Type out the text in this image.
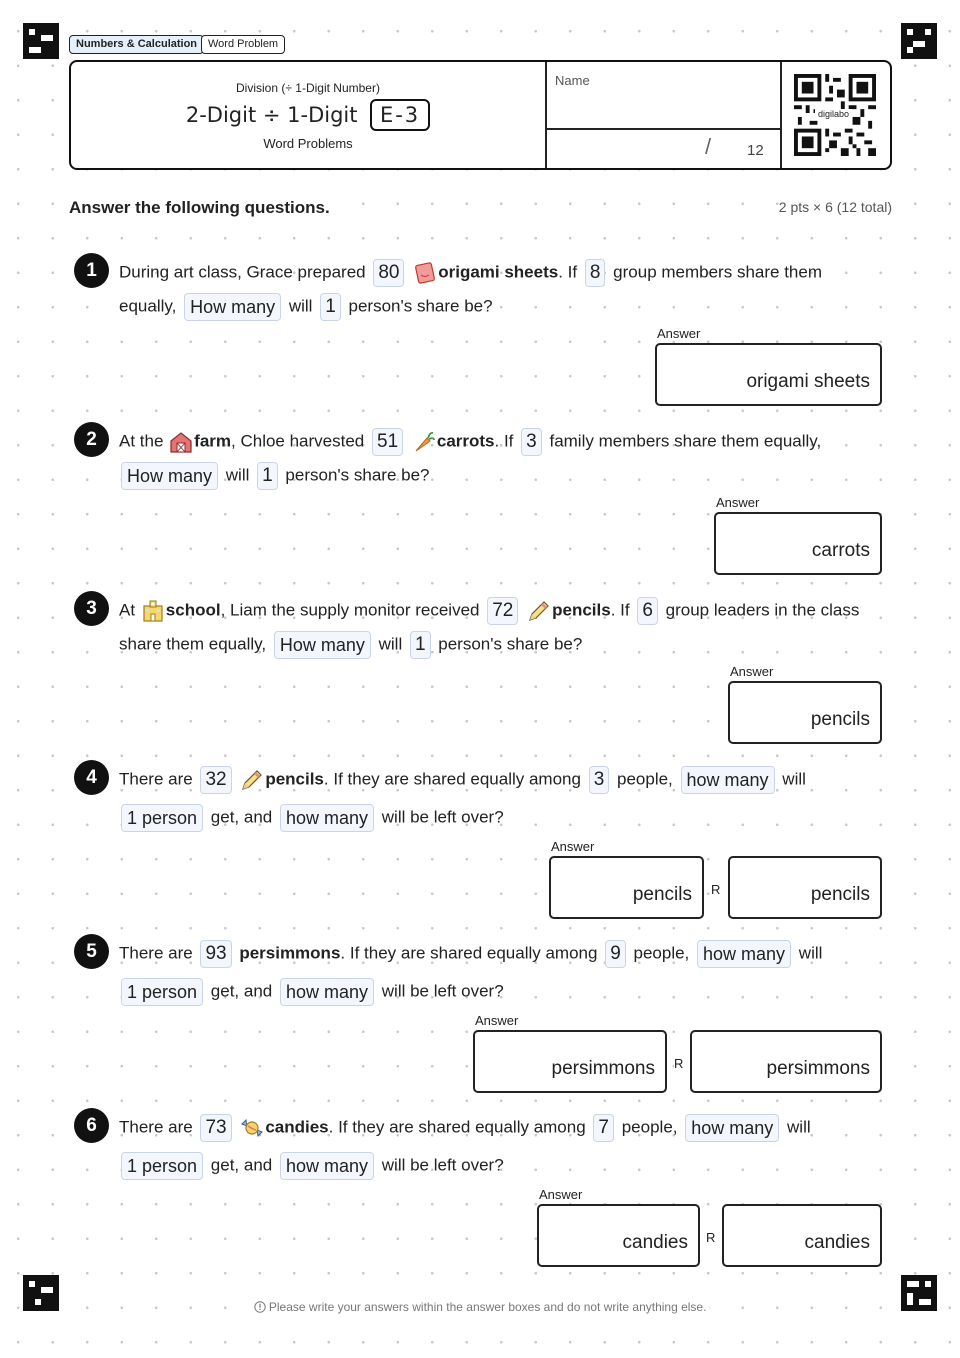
Numbers & Calculation Word Problem
Division (÷ 1-Digit Number)
2-Digit ÷ 1-Digit E-3
Word Problems
Name
/ 12
digilabo
Answer the following questions.	2 pts × 6 (12 total)
1	During art class, Grace prepared 80 origami sheets. If 8 group members share them
equally, How many will 1 person's share be?
Answer
origami sheets
2	At the farm, Chloe harvested 51 carrots. If 3 family members share them equally,
How many will 1 person's share be?
Answer
carrots
3	At school, Liam the supply monitor received 72 pencils. If 6 group leaders in the class
share them equally, How many will 1 person's share be?
Answer
pencils
4	There are 32 pencils. If they are shared equally among 3 people, how many will
1 person get, and how many will be left over?
Answer
pencils R	pencils
5	There are 93 persimmons. If they are shared equally among 9 people, how many will
1 person get, and how many will be left over?
Answer
persimmons R	persimmons
6	There are 73 candies. If they are shared equally among 7 people, how many will
1 person get, and how many will be left over?
Answer
candies R	candies
Please write your answers within the answer boxes and do not write anything else.
